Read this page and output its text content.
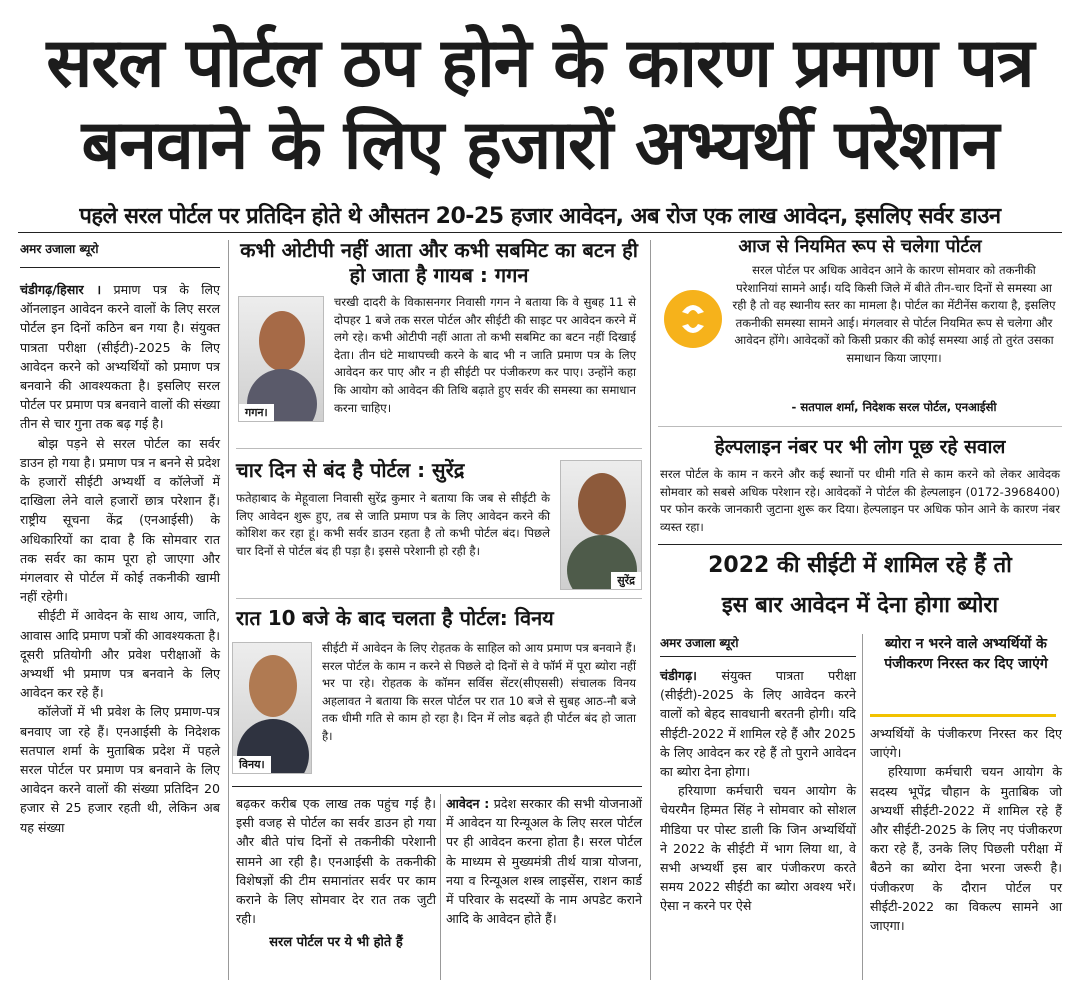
सरल पोर्टल ठप होने के कारण प्रमाण पत्र
बनवाने के लिए हजारों अभ्यर्थी परेशान
पहले सरल पोर्टल पर प्रतिदिन होते थे औसतन 20-25 हजार आवेदन, अब रोज एक लाख आवेदन, इसलिए सर्वर डाउन
अमर उजाला ब्यूरो

चंडीगढ़/हिसार । प्रमाण पत्र के लिए ऑनलाइन आवेदन करने वालों के लिए सरल पोर्टल इन दिनों कठिन बन गया है। संयुक्त पात्रता परीक्षा (सीईटी)-2025 के लिए आवेदन करने को अभ्यर्थियों को प्रमाण पत्र बनवाने की आवश्यकता है। इसलिए सरल पोर्टल पर प्रमाण पत्र बनवाने वालों की संख्या तीन से चार गुना तक बढ़ गई है।

बोझ पड़ने से सरल पोर्टल का सर्वर डाउन हो गया है। प्रमाण पत्र न बनने से प्रदेश के हजारों सीईटी अभ्यर्थी व कॉलेजों में दाखिला लेने वाले हजारों छात्र परेशान हैं। राष्ट्रीय सूचना केंद्र (एनआईसी) के अधिकारियों का दावा है कि सोमवार रात तक सर्वर का काम पूरा हो जाएगा और मंगलवार से पोर्टल में कोई तकनीकी खामी नहीं रहेगी।

सीईटी में आवेदन के साथ आय, जाति, आवास आदि प्रमाण पत्रों की आवश्यकता है। दूसरी प्रतियोगी और प्रवेश परीक्षाओं के अभ्यर्थी भी प्रमाण पत्र बनवाने के लिए आवेदन कर रहे हैं।

कॉलेजों में भी प्रवेश के लिए प्रमाण-पत्र बनवाए जा रहे हैं। एनआईसी के निदेशक सतपाल शर्मा के मुताबिक प्रदेश में पहले सरल पोर्टल पर प्रमाण पत्र बनवाने के लिए आवेदन करने वालों की संख्या प्रतिदिन 20 हजार से 25 हजार रहती थी, लेकिन अब यह संख्या

कभी ओटीपी नहीं आता और कभी सबमिट का बटन ही हो जाता है गायब : गगन
गगन।
चरखी दादरी के विकासनगर निवासी गगन ने बताया कि वे सुबह 11 से दोपहर 1 बजे तक सरल पोर्टल और सीईटी की साइट पर आवेदन करने में लगे रहे। कभी ओटीपी नहीं आता तो कभी सबमिट का बटन नहीं दिखाई देता। तीन घंटे माथापच्ची करने के बाद भी न जाति प्रमाण पत्र के लिए आवेदन कर पाए और न ही सीईटी पर पंजीकरण कर पाए। उन्होंने कहा कि आयोग को आवेदन की तिथि बढ़ाते हुए सर्वर की समस्या का समाधान करना चाहिए।
चार दिन से बंद है पोर्टल : सुरेंद्र
फतेहाबाद के मेहूवाला निवासी सुरेंद्र कुमार ने बताया कि जब से सीईटी के लिए आवेदन शुरू हुए, तब से जाति प्रमाण पत्र के लिए आवेदन करने की कोशिश कर रहा हूं। कभी सर्वर डाउन रहता है तो कभी पोर्टल बंद। पिछले चार दिनों से पोर्टल बंद ही पड़ा है। इससे परेशानी हो रही है।
सुरेंद्र
रात 10 बजे के बाद चलता है पोर्टल: विनय
विनय।
सीईटी में आवेदन के लिए रोहतक के साहिल को आय प्रमाण पत्र बनवाने हैं। सरल पोर्टल के काम न करने से पिछले दो दिनों से वे फॉर्म में पूरा ब्योरा नहीं भर पा रहे। रोहतक के कॉमन सर्विस सेंटर(सीएससी) संचालक विनय अहलावत ने बताया कि सरल पोर्टल पर रात 10 बजे से सुबह आठ-नौ बजे तक धीमी गति से काम हो रहा है। दिन में लोड बढ़ते ही पोर्टल बंद हो जाता है।
बढ़कर करीब एक लाख तक पहुंच गई है। इसी वजह से पोर्टल का सर्वर डाउन हो गया और बीते पांच दिनों से तकनीकी परेशानी सामने आ रही है। एनआईसी के तकनीकी विशेषज्ञों की टीम समानांतर सर्वर पर काम कराने के लिए सोमवार देर रात तक जुटी रही।
सरल पोर्टल पर ये भी होते हैं
आवेदन : प्रदेश सरकार की सभी योजनाओं में आवेदन या रिन्यूअल के लिए सरल पोर्टल पर ही आवेदन करना होता है। सरल पोर्टल के माध्यम से मुख्यमंत्री तीर्थ यात्रा योजना, नया व रिन्यूअल शस्त्र लाइसेंस, राशन कार्ड में परिवार के सदस्यों के नाम अपडेट कराने आदि के आवेदन होते हैं।
आज से नियमित रूप से चलेगा पोर्टल
सरल पोर्टल पर अधिक आवेदन आने के कारण सोमवार को तकनीकी परेशानियां सामने आईं। यदि किसी जिले में बीते तीन-चार दिनों से समस्या आ रही है तो वह स्थानीय स्तर का मामला है। पोर्टल का मेंटीनेंस कराया है, इसलिए तकनीकी समस्या सामने आई। मंगलवार से पोर्टल नियमित रूप से चलेगा और आवेदन होंगे। आवेदकों को किसी प्रकार की कोई समस्या आई तो तुरंत उसका समाधान किया जाएगा।
- सतपाल शर्मा, निदेशक सरल पोर्टल, एनआईसी
हेल्पलाइन नंबर पर भी लोग पूछ रहे सवाल
सरल पोर्टल के काम न करने और कई स्थानों पर धीमी गति से काम करने को लेकर आवेदक सोमवार को सबसे अधिक परेशान रहे। आवेदकों ने पोर्टल की हेल्पलाइन (0172-3968400) पर फोन करके जानकारी जुटाना शुरू कर दिया। हेल्पलाइन पर अधिक फोन आने के कारण नंबर व्यस्त रहा।
2022 की सीईटी में शामिल रहे हैं तो
इस बार आवेदन में देना होगा ब्योरा
अमर उजाला ब्यूरो

चंडीगढ़। संयुक्त पात्रता परीक्षा (सीईटी)-2025 के लिए आवेदन करने वालों को बेहद सावधानी बरतनी होगी। यदि सीईटी-2022 में शामिल रहे हैं और 2025 के लिए आवेदन कर रहे हैं तो पुराने आवेदन का ब्योरा देना होगा।

हरियाणा कर्मचारी चयन आयोग के चेयरमैन हिम्मत सिंह ने सोमवार को सोशल मीडिया पर पोस्ट डाली कि जिन अभ्यर्थियों ने 2022 के सीईटी में भाग लिया था, वे सभी अभ्यर्थी इस बार पंजीकरण करते समय 2022 सीईटी का ब्योरा अवश्य भरें। ऐसा न करने पर ऐसे

ब्योरा न भरने वाले अभ्यर्थियों के पंजीकरण निरस्त कर दिए जाएंगे

अभ्यर्थियों के पंजीकरण निरस्त कर दिए जाएंगे।

हरियाणा कर्मचारी चयन आयोग के सदस्य भूपेंद्र चौहान के मुताबिक जो अभ्यर्थी सीईटी-2022 में शामिल रहे हैं और सीईटी-2025 के लिए नए पंजीकरण करा रहे हैं, उनके लिए पिछली परीक्षा में बैठने का ब्योरा देना भरना जरूरी है। पंजीकरण के दौरान पोर्टल पर सीईटी-2022 का विकल्प सामने आ जाएगा।
